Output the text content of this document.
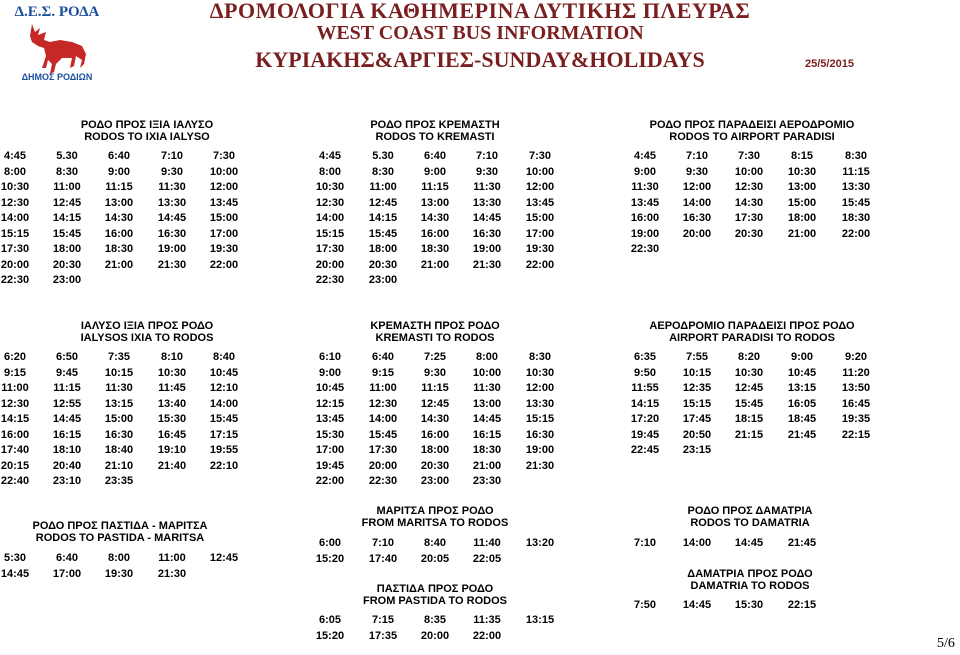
Δ.Ε.Σ. ΡΟΔΑ
ΔΗΜΟΣ ΡΟΔΙΩΝ
ΔΡΟΜΟΛΟΓΙΑ ΚΑΘΗΜΕΡΙΝΑ ΔΥΤΙΚΗΣ ΠΛΕΥΡΑΣ
WEST COAST BUS INFORMATION
ΚΥΡΙΑΚΗΣ&ΑΡΓΙΕΣ-SUNDAY&HOLIDAYS	25/5/2015
ΡΟΔΟ ΠΡΟΣ ΙΞΙΑ ΙΑΛΥΣΟ
RODOS TO IXIA IALYSO
ΡΟΔΟ ΠΡΟΣ ΚΡΕΜΑΣΤΗ
RODOS TO KREMASTI
ΡΟΔΟ ΠΡΟΣ ΠΑΡΑΔΕΙΣΙ ΑΕΡΟΔΡΟΜΙΟ
RODOS TO AIRPORT PARADISI
ΙΑΛΥΣΟ ΙΞΙΑ ΠΡΟΣ ΡΟΔΟ
IALYSOS IXIA TO RODOS
ΚΡΕΜΑΣΤΗ ΠΡΟΣ ΡΟΔΟ
KREMASTI TO RODOS
ΑΕΡΟΔΡΟΜΙΟ ΠΑΡΑΔΕΙΣΙ ΠΡΟΣ ΡΟΔΟ
AIRPORT PARADISI TO RODOS
ΡΟΔΟ ΠΡΟΣ ΠΑΣΤΙΔΑ - ΜΑΡΙΤΣΑ
RODOS TO PASTIDA - MARITSA
ΜΑΡΙΤΣΑ ΠΡΟΣ ΡΟΔΟ
FROM MARITSA TO RODOS
ΠΑΣΤΙΔΑ ΠΡΟΣ ΡΟΔΟ
FROM PASTIDA TO RODOS
ΡΟΔΟ ΠΡΟΣ ΔΑΜΑΤΡΙΑ
RODOS TO DAMATRIA
ΔΑΜΑΤΡΙΑ ΠΡΟΣ ΡΟΔΟ
DAMATRIA TO RODOS
4:45	5.30	6:40	7:10	7:30
8:00	8:30	9:00	9:30	10:00
10:30 11:00 11:15 11:30 12:00
12:30 12:45 13:00 13:30 13:45
14:00 14:15 14:30 14:45 15:00
15:15 15:45 16:00 16:30 17:00
17:30 18:00 18:30 19:00 19:30
20:00 20:30 21:00 21:30 22:00
22:30 23:00
4:45	5.30	6:40	7:10	7:30
8:00	8:30	9:00	9:30	10:00
10:30 11:00 11:15 11:30 12:00
12:30 12:45 13:00 13:30 13:45
14:00 14:15 14:30 14:45 15:00
15:15 15:45 16:00 16:30 17:00
17:30 18:00 18:30 19:00 19:30
20:00 20:30 21:00 21:30 22:00
22:30 23:00
4:45	7:10	7:30	8:15	8:30
9:00	9:30	10:00 10:30 11:15
11:30 12:00 12:30 13:00 13:30
13:45 14:00 14:30 15:00 15:45
16:00 16:30 17:30 18:00 18:30
19:00 20:00 20:30 21:00 22:00
22:30
6:20	6:50	7:35	8:10	8:40
9:15	9:45	10:15 10:30 10:45
11:00 11:15 11:30 11:45 12:10
12:30 12:55 13:15 13:40 14:00
14:15 14:45 15:00 15:30 15:45
16:00 16:15 16:30 16:45 17:15
17:40 18:10 18:40 19:10 19:55
20:15 20:40 21:10 21:40 22:10
22:40 23:10 23:35
6:10	6:40	7:25	8:00	8:30
9:00	9:15	9:30	10:00 10:30
10:45 11:00 11:15 11:30 12:00
12:15 12:30 12:45 13:00 13:30
13:45 14:00 14:30 14:45 15:15
15:30 15:45 16:00 16:15 16:30
17:00 17:30 18:00 18:30 19:00
19:45 20:00 20:30 21:00 21:30
22:00 22:30 23:00 23:30
6:35	7:55	8:20	9:00	9:20
9:50	10:15 10:30 10:45 11:20
11:55 12:35 12:45 13:15 13:50
14:15 15:15 15:45 16:05 16:45
17:20 17:45 18:15 18:45 19:35
19:45 20:50 21:15 21:45 22:15
22:45 23:15
5:30	6:40	8:00	11:00 12:45
14:45 17:00 19:30 21:30
6:00	7:10	8:40	11:40 13:20
15:20 17:40 20:05 22:05
6:05	7:15	8:35	11:35 13:15
15:20 17:35 20:00 22:00
7:10	14:00 14:45 21:45
7:50	14:45 15:30 22:15
5/6
